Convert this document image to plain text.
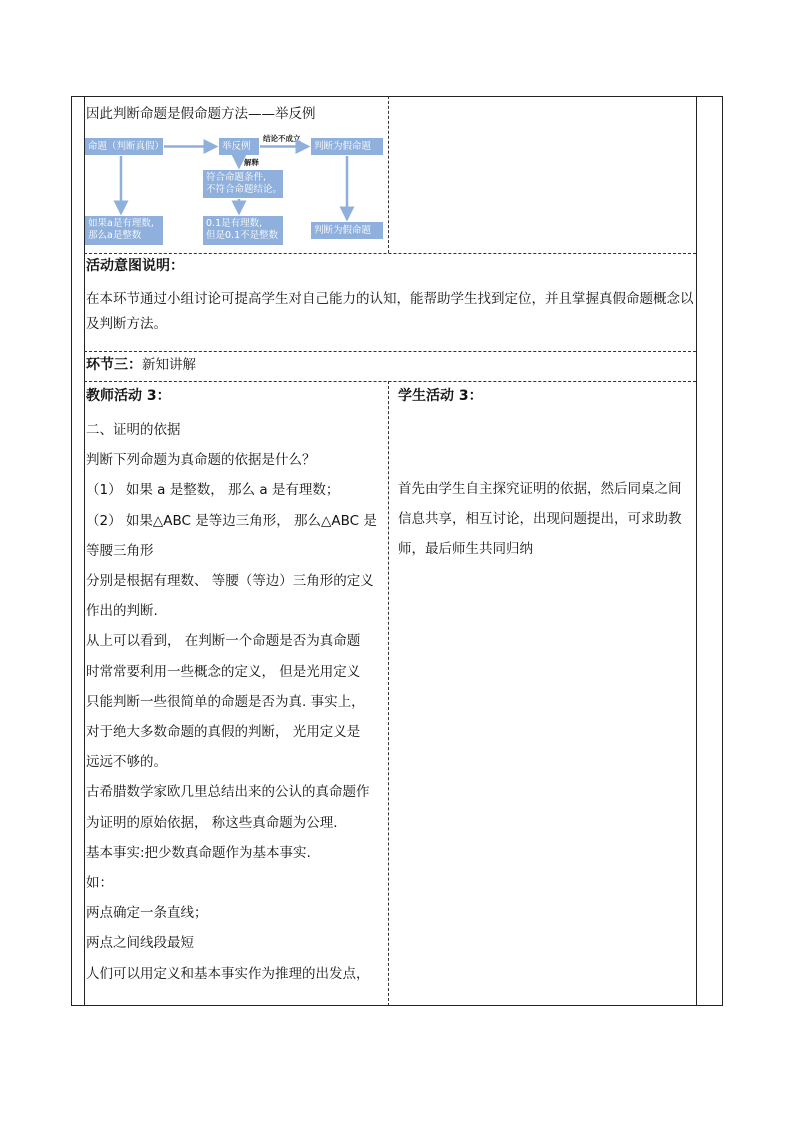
因此判断命题是假命题方法——举反例
命题（判断真假）	举反例	判断为假命题
符合命题条件,
不符合命题结论。
如果a是有理数,
那么a是整数
0.1是有理数,
但是0.1不是整数	判断为假命题
结论不成立
解释
活动意图说明：
在本环节通过小组讨论可提高学生对自己能力的认知，能帮助学生找到定位，并且掌握真假命题概念以及判断方法。
环节三：新知讲解
教师活动 3：
二、证明的依据
判断下列命题为真命题的依据是什么？
（1） 如果 a 是整数， 那么 a 是有理数；
（2） 如果△ABC 是等边三角形， 那么△ABC 是
等腰三角形
分别是根据有理数、 等腰（等边）三角形的定义
作出的判断.
从上可以看到， 在判断一个命题是否为真命题
时常常要利用一些概念的定义， 但是光用定义
只能判断一些很简单的命题是否为真. 事实上，
对于绝大多数命题的真假的判断， 光用定义是
远远不够的。
古希腊数学家欧几里总结出来的公认的真命题作
为证明的原始依据， 称这些真命题为公理.
基本事实:把少数真命题作为基本事实.
如：
两点确定一条直线；
两点之间线段最短
人们可以用定义和基本事实作为推理的出发点，
学生活动 3：
首先由学生自主探究证明的依据，然后同桌之间
信息共享，相互讨论，出现问题提出，可求助教
师，最后师生共同归纳
